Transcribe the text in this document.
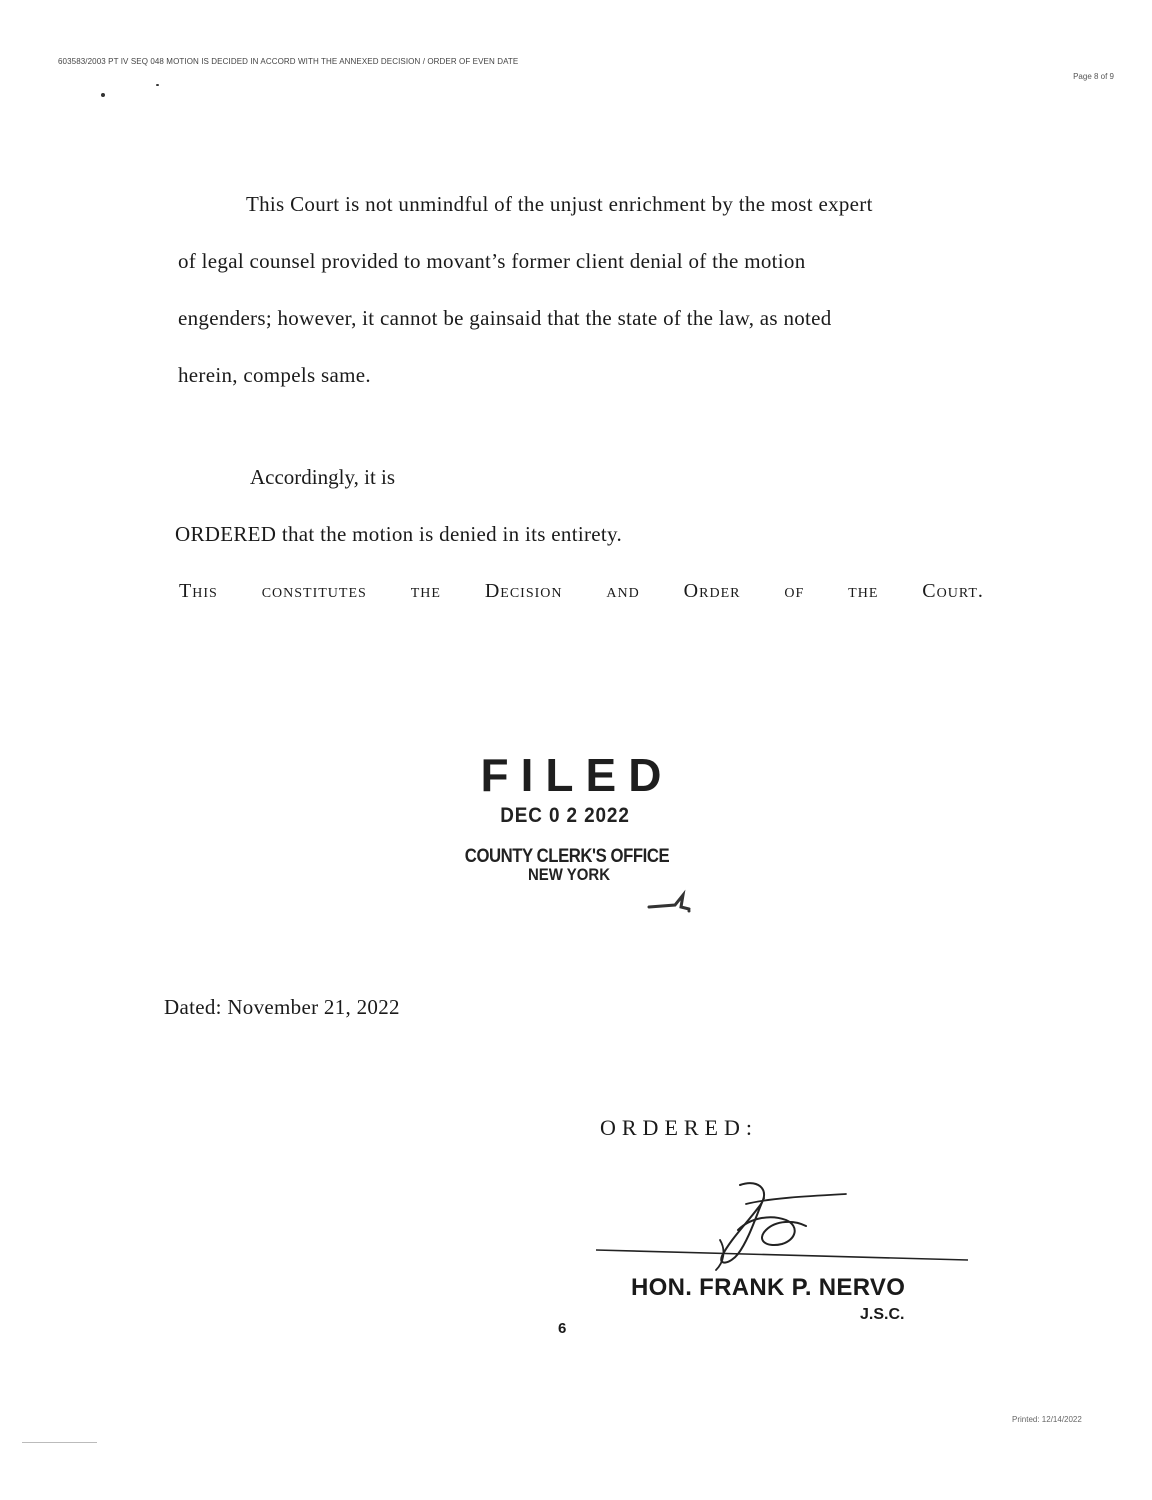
603583/2003 PT IV SEQ 048 MOTION IS DECIDED IN ACCORD WITH THE ANNEXED DECISION / ORDER OF EVEN DATE
Page 8 of 9
This Court is not unmindful of the unjust enrichment by the most expert
of legal counsel provided to movant’s former client denial of the motion
engenders; however, it cannot be gainsaid that the state of the law, as noted
herein, compels same.
Accordingly, it is
ORDERED that the motion is denied in its entirety.
This constitutes the Decision and Order of the Court.
FILED
DEC 0 2 2022
COUNTY CLERK'S OFFICE
NEW YORK
Dated: November 21, 2022
ORDERED:
HON. FRANK P. NERVO
J.S.C.
6
Printed: 12/14/2022
